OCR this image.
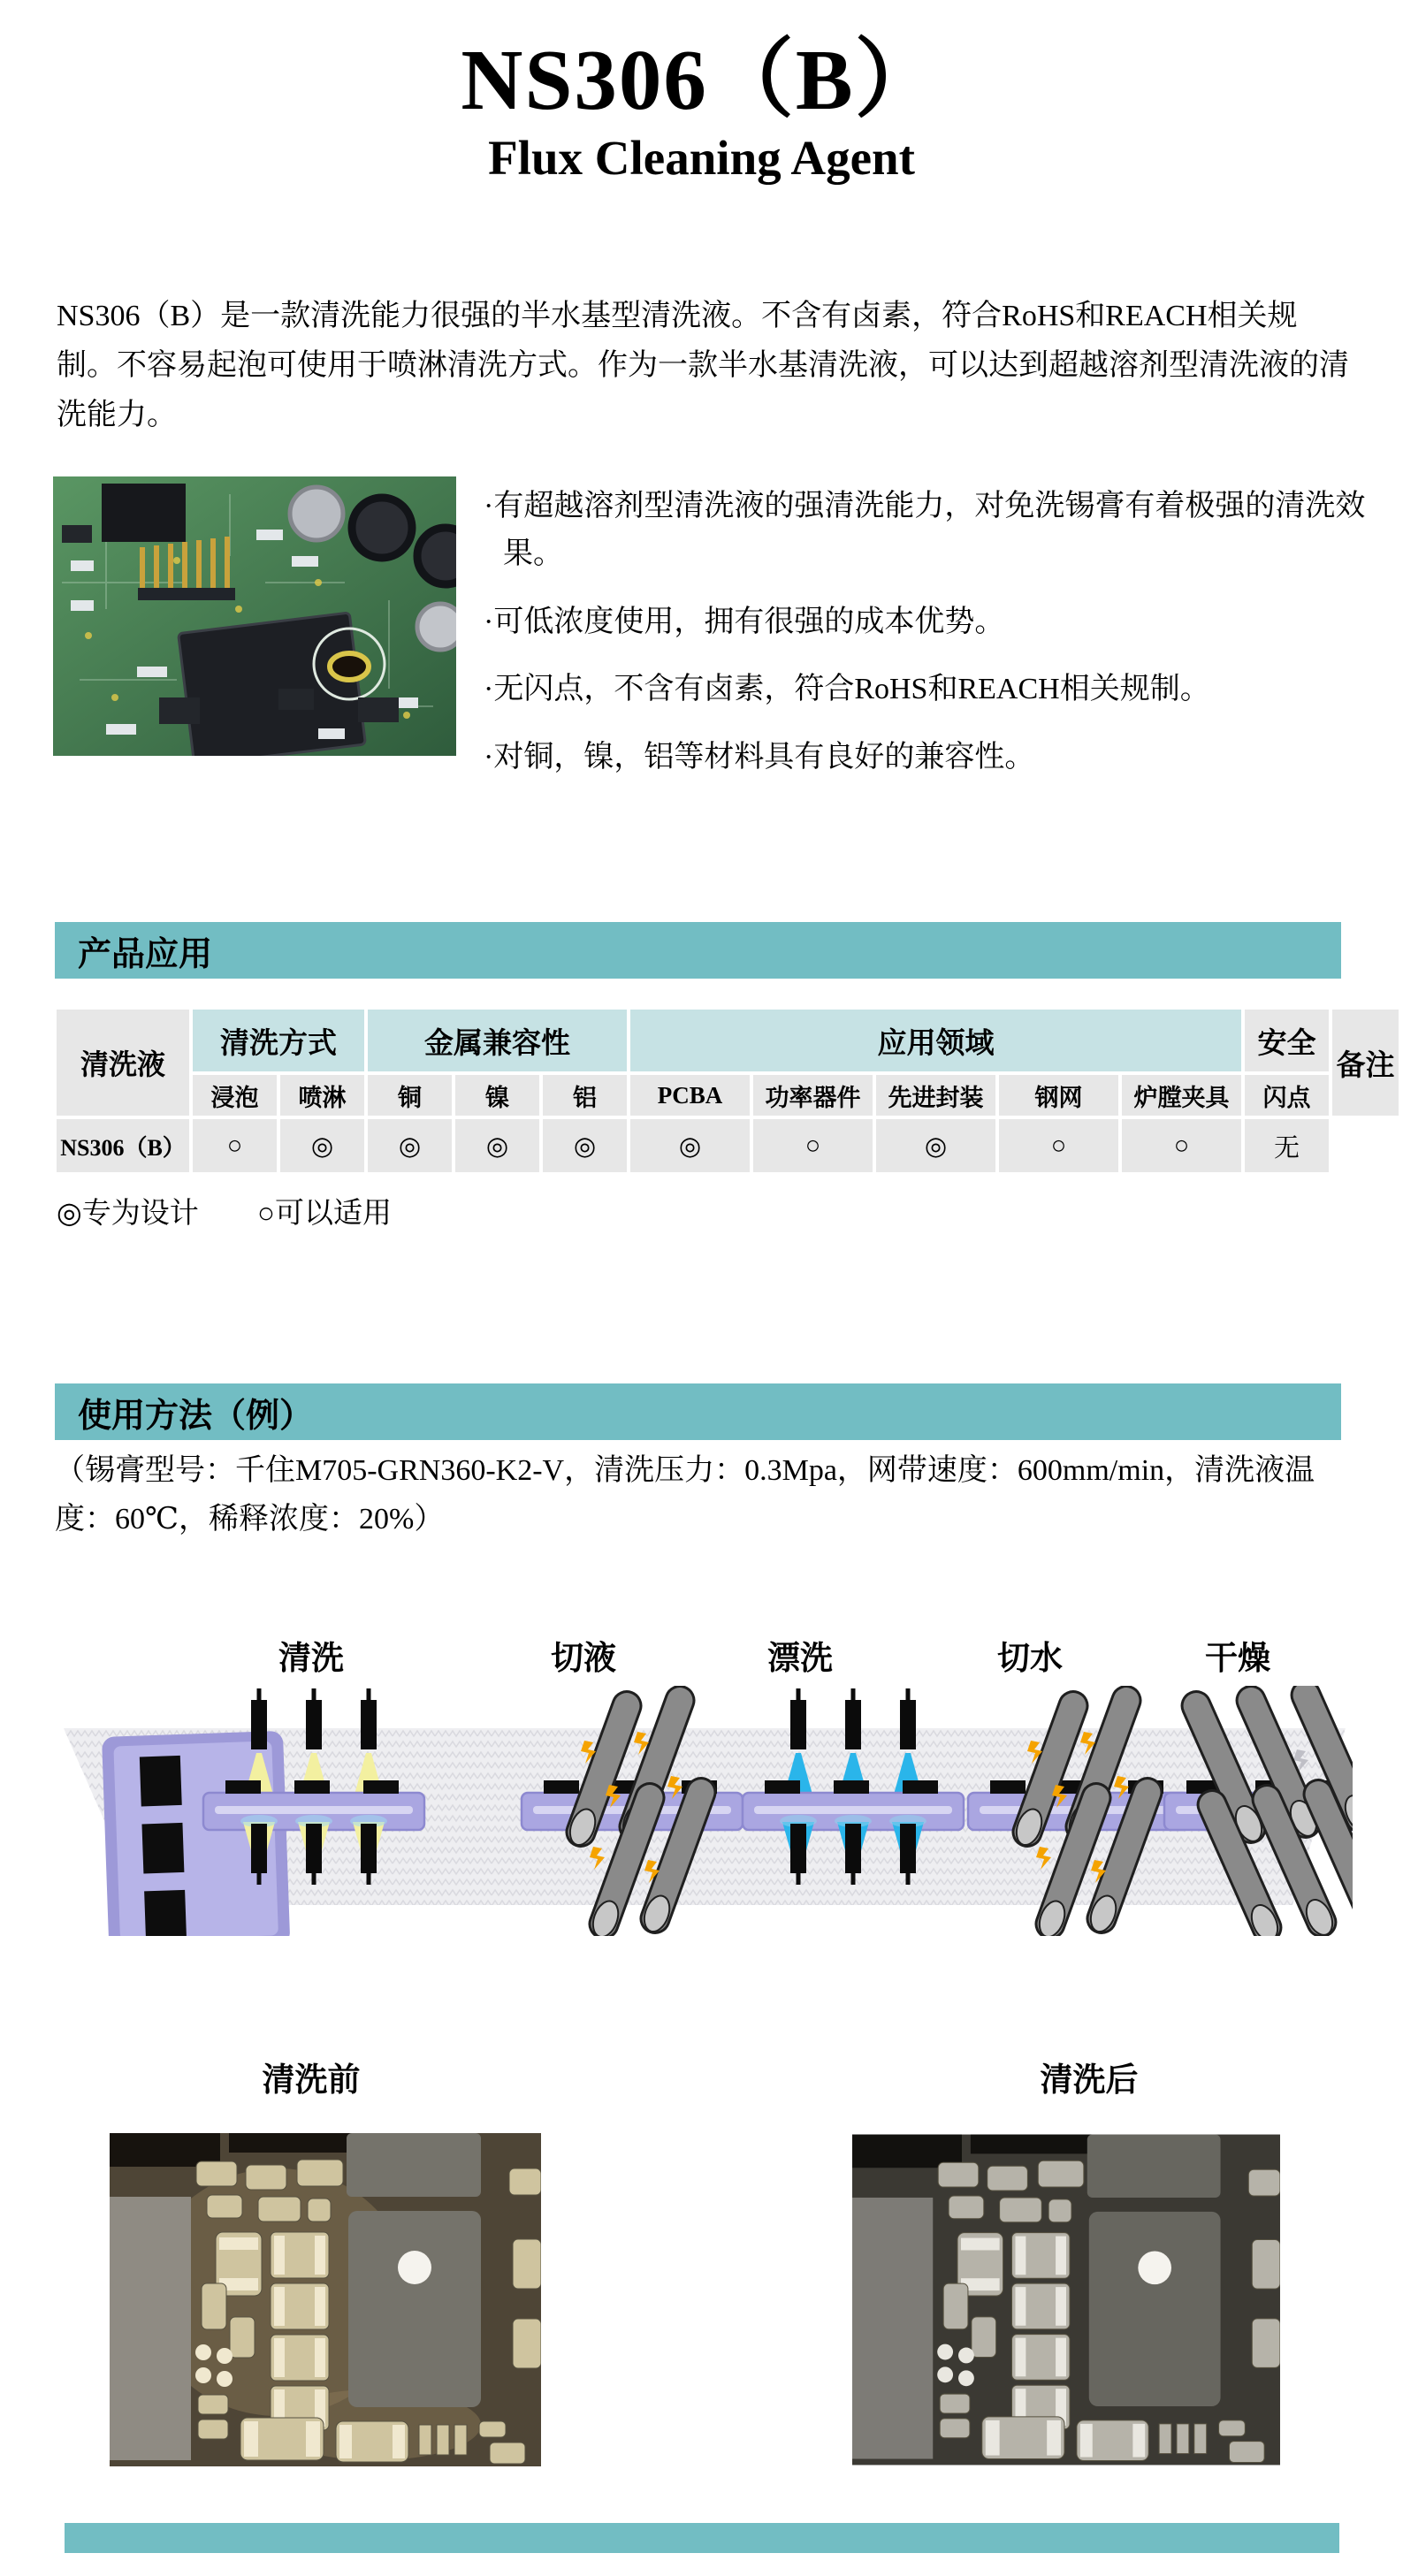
NS306（B）
Flux Cleaning Agent
NS306（B）是一款清洗能力很强的半水基型清洗液。不含有卤素，符合RoHS和REACH相关规制。不容易起泡可使用于喷淋清洗方式。作为一款半水基清洗液，可以达到超越溶剂型清洗液的清洗能力。
·有超越溶剂型清洗液的强清洗能力，对免洗锡膏有着极强的清洗效果。
·可低浓度使用，拥有很强的成本优势。
·无闪点，不含有卤素，符合RoHS和REACH相关规制。
·对铜，镍，铝等材料具有良好的兼容性。
产品应用
清洗液	清洗方式		金属兼容性			应用领域					安全	备注
	浸泡	喷淋	铜	镍	铝	PCBA	功率器件	先进封装	钢网	炉膛夹具	闪点	
NS306（B）	○	◎	◎	◎	◎	◎	○	◎	○	○	无	
◎专为设计 ○可以适用
使用方法（例）
（锡膏型号：千住M705-GRN360-K2-V，清洗压力：0.3Mpa，网带速度：600mm/min，清洗液温度：60℃，稀释浓度：20%）
清洗	切液	漂洗	切水	干燥
清洗前	清洗后
